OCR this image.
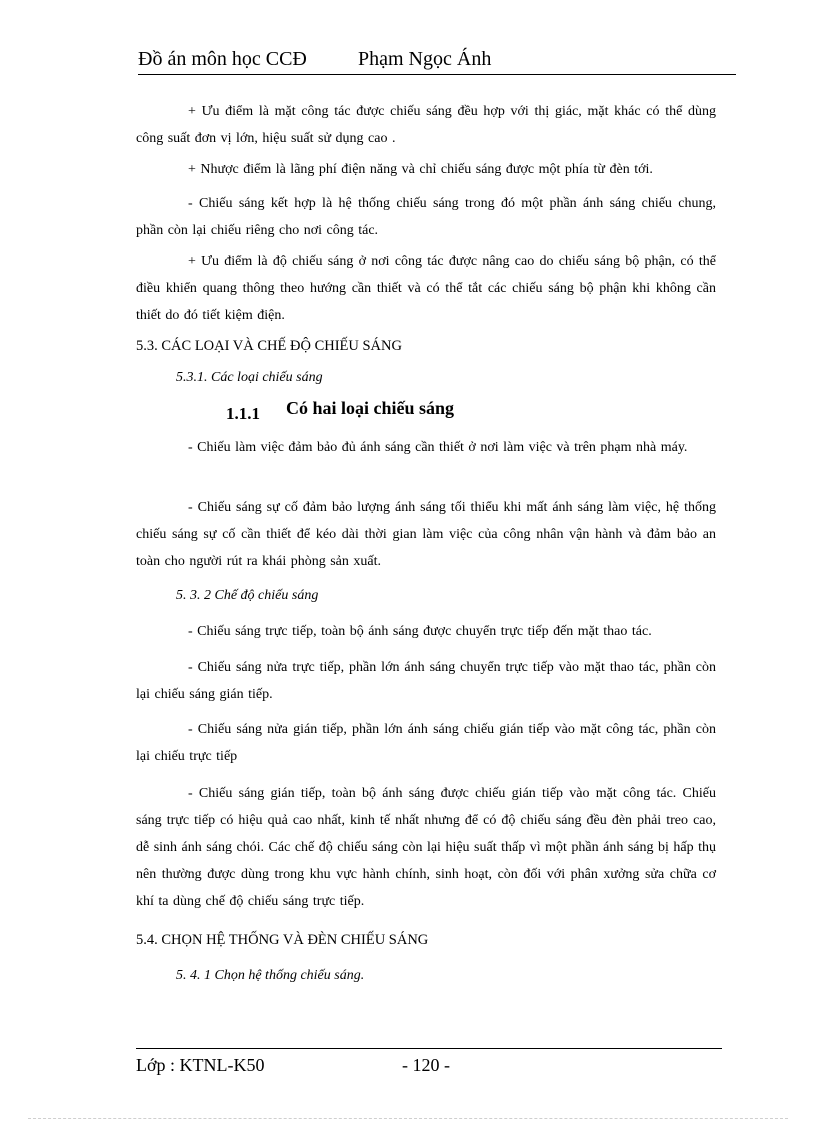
Đồ án môn học CCĐ	Phạm Ngọc Ánh

+ Ưu điểm là mặt công tác được chiếu sáng đều hợp với thị giác, mặt khác có thể dùng công suất đơn vị lớn, hiệu suất sử dụng cao .

+ Nhược điểm là lãng phí điện năng và chỉ chiếu sáng được một phía từ đèn tới.

- Chiếu sáng kết hợp là hệ thống chiếu sáng trong đó một phần ánh sáng chiếu chung, phần còn lại chiếu riêng cho nơi công tác.

+ Ưu điểm là độ chiếu sáng ở nơi công tác được nâng cao do chiếu sáng bộ phận, có thể điều khiển quang thông theo hướng cần thiết và có thể tắt các chiếu sáng bộ phận khi không cần thiết do đó tiết kiệm điện.

5.3. CÁC LOẠI VÀ CHẾ ĐỘ CHIẾU SÁNG

5.3.1. Các loại chiếu sáng

1.1.1 Có hai loại chiếu sáng

- Chiếu làm việc đảm bảo đủ ánh sáng cần thiết ở nơi làm việc và trên phạm nhà máy.

- Chiếu sáng sự cố đảm bảo lượng ánh sáng tối thiểu khi mất ánh sáng làm việc, hệ thống chiếu sáng sự cố cần thiết để kéo dài thời gian làm việc của công nhân vận hành và đảm bảo an toàn cho người rút ra khái phòng sản xuất.

5. 3. 2 Chế độ chiếu sáng

- Chiếu sáng trực tiếp, toàn bộ ánh sáng được chuyển trực tiếp đến mặt thao tác.

- Chiếu sáng nửa trực tiếp, phần lớn ánh sáng chuyển trực tiếp vào mặt thao tác, phần còn lại chiếu sáng gián tiếp.

- Chiếu sáng nửa gián tiếp, phần lớn ánh sáng chiếu gián tiếp vào mặt công tác, phần còn lại chiếu trực tiếp

- Chiếu sáng gián tiếp, toàn bộ ánh sáng được chiếu gián tiếp vào mặt công tác. Chiếu sáng trực tiếp có hiệu quả cao nhất, kinh tế nhất nhưng để có độ chiếu sáng đều đèn phải treo cao, dễ sinh ánh sáng chói. Các chế độ chiếu sáng còn lại hiệu suất thấp vì một phần ánh sáng bị hấp thụ nên thường được dùng trong khu vực hành chính, sinh hoạt, còn đối với phân xưởng sửa chữa cơ khí ta dùng chế độ chiếu sáng trực tiếp.

5.4. CHỌN HỆ THỐNG VÀ ĐÈN CHIẾU SÁNG

5. 4. 1 Chọn hệ thống chiếu sáng.

Lớp : KTNL-K50	- 120 -
